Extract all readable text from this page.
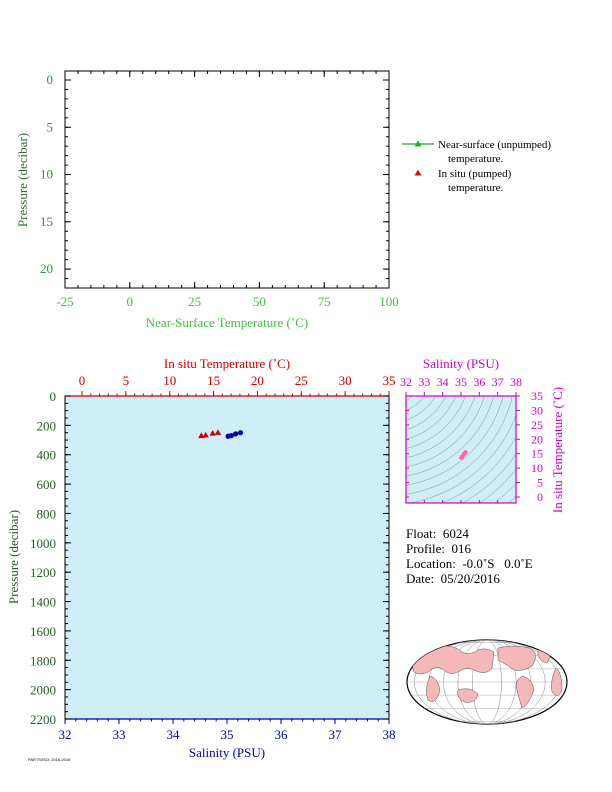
-25	0	25	50	75	100
0
5
10
15
20
Near-Surface Temperature (˚C)
Pressure (decibar)	Near-surface (unpumped)
temperature.
In situ (pumped)
temperature.
0	5	10 15 20 25 30 35
32	33	34	35	36	37	38
0
200
400
600
800
1000
1200
1400
1600
1800
2000
2200
In situ Temperature (˚C)
Salinity (PSU)
Pressure (decibar)
32 33 34 35 36 37 38
0
5
10
15
20
25
30
35
Salinity (PSU)
In situ Temperature (˚C)
Float:  6024
Profile:  016
Location:  -0.0˚S   0.0˚E
Date:  05/20/2016
PARTS/ISO: 2016-2016
